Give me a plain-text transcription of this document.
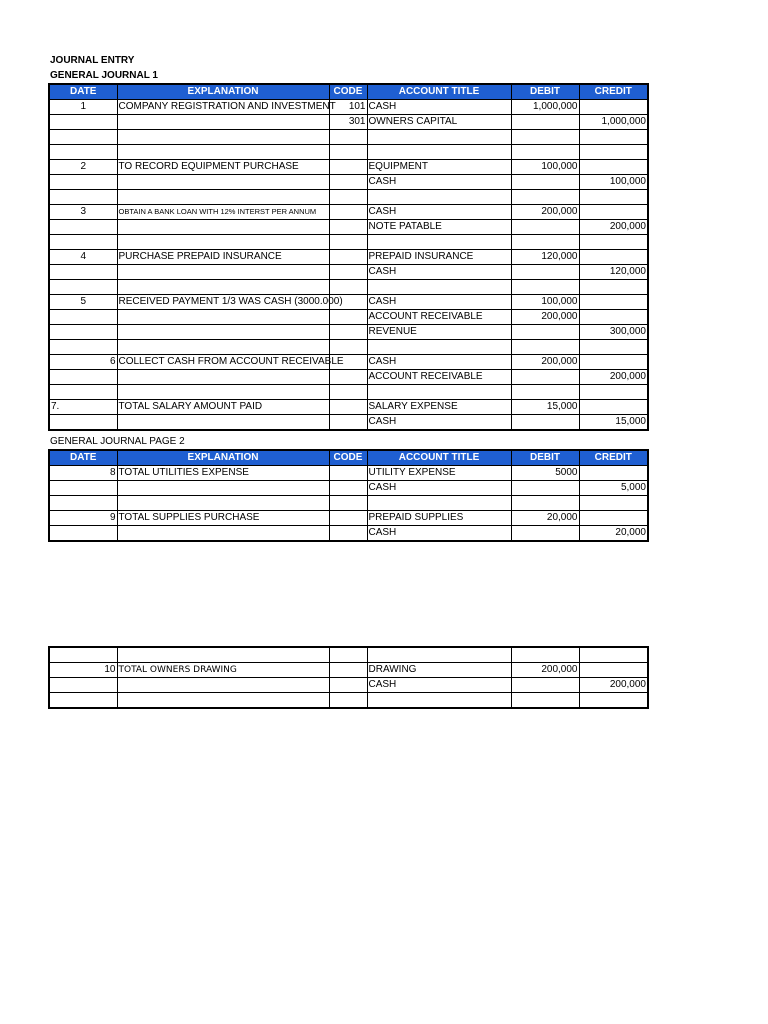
JOURNAL ENTRY
GENERAL JOURNAL 1
DATE	EXPLANATION	CODE	ACCOUNT TITLE	DEBIT	CREDIT
1	COMPANY REGISTRATION AND INVESTMENT	101	CASH	1,000,000	
		301	OWNERS CAPITAL		1,000,000

2	TO RECORD EQUIPMENT PURCHASE		EQUIPMENT	100,000	
			CASH		100,000

3	OBTAIN A BANK LOAN WITH 12% INTERST PER ANNUM		CASH	200,000	
			NOTE PATABLE		200,000

4	PURCHASE PREPAID INSURANCE		PREPAID INSURANCE	120,000	
			CASH		120,000

5	RECEIVED PAYMENT 1/3 WAS CASH (3000.000)		CASH	100,000	
			ACCOUNT RECEIVABLE	200,000	
			REVENUE		300,000

6	COLLECT CASH FROM ACCOUNT RECEIVABLE		CASH	200,000	
			ACCOUNT RECEIVABLE		200,000

7.	TOTAL SALARY AMOUNT PAID		SALARY EXPENSE	15,000	
			CASH		15,000
GENERAL JOURNAL PAGE 2
DATE	EXPLANATION	CODE	ACCOUNT TITLE	DEBIT	CREDIT
8	TOTAL UTILITIES EXPENSE		UTILITY EXPENSE	5000	
			CASH		5,000

9	TOTAL SUPPLIES PURCHASE		PREPAID SUPPLIES	20,000	
			CASH		20,000

10	TOTAL OWNERS DRAWING		DRAWING	200,000	
			CASH		200,000
